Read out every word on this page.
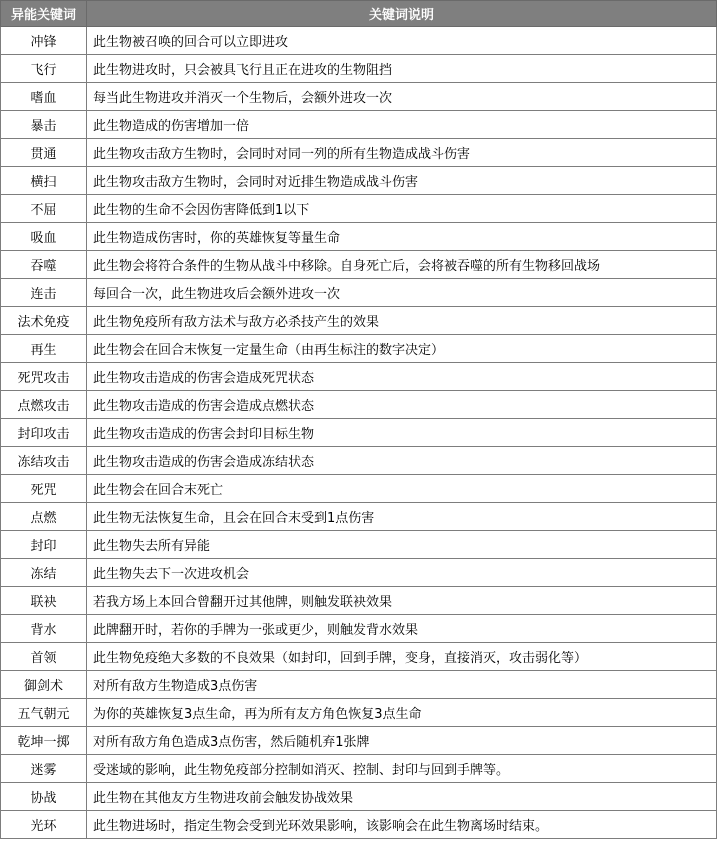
异能关键词	关键词说明
冲锋	此生物被召唤的回合可以立即进攻
飞行	此生物进攻时，只会被具飞行且正在进攻的生物阻挡
嗜血	每当此生物进攻并消灭一个生物后，会额外进攻一次
暴击	此生物造成的伤害增加一倍
贯通	此生物攻击敌方生物时，会同时对同一列的所有生物造成战斗伤害
横扫	此生物攻击敌方生物时，会同时对近排生物造成战斗伤害
不屈	此生物的生命不会因伤害降低到1以下
吸血	此生物造成伤害时，你的英雄恢复等量生命
吞噬	此生物会将符合条件的生物从战斗中移除。自身死亡后，会将被吞噬的所有生物移回战场
连击	每回合一次，此生物进攻后会额外进攻一次
法术免疫	此生物免疫所有敌方法术与敌方必杀技产生的效果
再生	此生物会在回合末恢复一定量生命（由再生标注的数字决定）
死咒攻击	此生物攻击造成的伤害会造成死咒状态
点燃攻击	此生物攻击造成的伤害会造成点燃状态
封印攻击	此生物攻击造成的伤害会封印目标生物
冻结攻击	此生物攻击造成的伤害会造成冻结状态
死咒	此生物会在回合末死亡
点燃	此生物无法恢复生命，且会在回合末受到1点伤害
封印	此生物失去所有异能
冻结	此生物失去下一次进攻机会
联袂	若我方场上本回合曾翻开过其他牌，则触发联袂效果
背水	此牌翻开时，若你的手牌为一张或更少，则触发背水效果
首领	此生物免疫绝大多数的不良效果（如封印，回到手牌，变身，直接消灭，攻击弱化等）
御剑术	对所有敌方生物造成3点伤害
五气朝元	为你的英雄恢复3点生命，再为所有友方角色恢复3点生命
乾坤一掷	对所有敌方角色造成3点伤害，然后随机弃1张牌
迷雾	受迷域的影响，此生物免疫部分控制如消灭、控制、封印与回到手牌等。
协战	此生物在其他友方生物进攻前会触发协战效果
光环	此生物进场时，指定生物会受到光环效果影响，该影响会在此生物离场时结束。
